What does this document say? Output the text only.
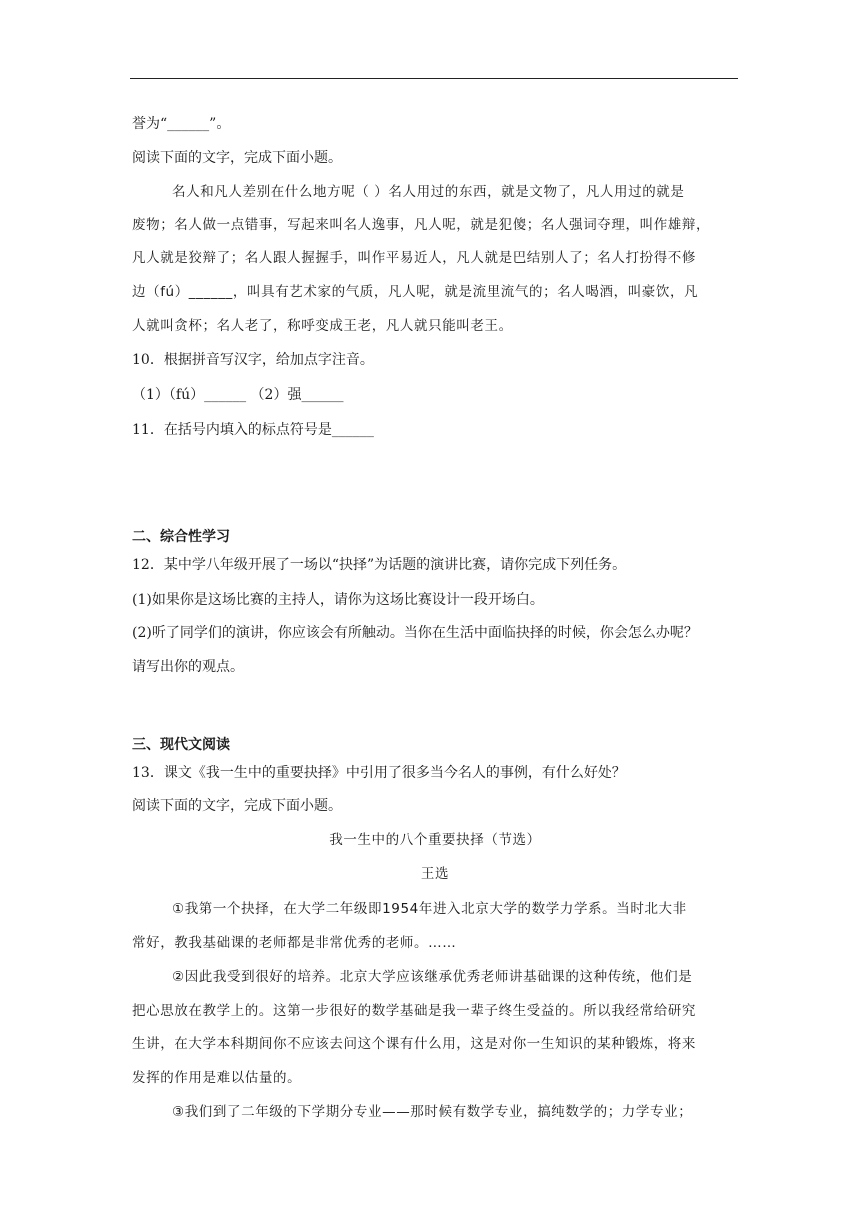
誉为“______”。
阅读下面的文字，完成下面小题。
名人和凡人差别在什么地方呢（ ）名人用过的东西，就是文物了，凡人用过的就是
废物；名人做一点错事，写起来叫名人逸事，凡人呢，就是犯傻；名人强词夺理，叫作雄辩，
凡人就是狡辩了；名人跟人握握手，叫作平易近人，凡人就是巴结别人了；名人打扮得不修
边（fú）______，叫具有艺术家的气质，凡人呢，就是流里流气的；名人喝酒，叫豪饮，凡
人就叫贪杯；名人老了，称呼变成王老，凡人就只能叫老王。
10．根据拼音写汉字，给加点字注音。
（1）（fú）______ （2）强______
11．在括号内填入的标点符号是______
二、综合性学习
12．某中学八年级开展了一场以“抉择”为话题的演讲比赛，请你完成下列任务。
(1)如果你是这场比赛的主持人，请你为这场比赛设计一段开场白。
(2)听了同学们的演讲，你应该会有所触动。当你在生活中面临抉择的时候，你会怎么办呢？
请写出你的观点。
三、现代文阅读
13．课文《我一生中的重要抉择》中引用了很多当今名人的事例，有什么好处？
阅读下面的文字，完成下面小题。
我一生中的八个重要抉择（节选）
王选
①我第一个抉择，在大学二年级即1954年进入北京大学的数学力学系。当时北大非
常好，教我基础课的老师都是非常优秀的老师。……
②因此我受到很好的培养。北京大学应该继承优秀老师讲基础课的这种传统，他们是
把心思放在教学上的。这第一步很好的数学基础是我一辈子终生受益的。所以我经常给研究
生讲，在大学本科期间你不应该去问这个课有什么用，这是对你一生知识的某种锻炼，将来
发挥的作用是难以估量的。
③我们到了二年级的下学期分专业——那时候有数学专业，搞纯数学的；力学专业；
